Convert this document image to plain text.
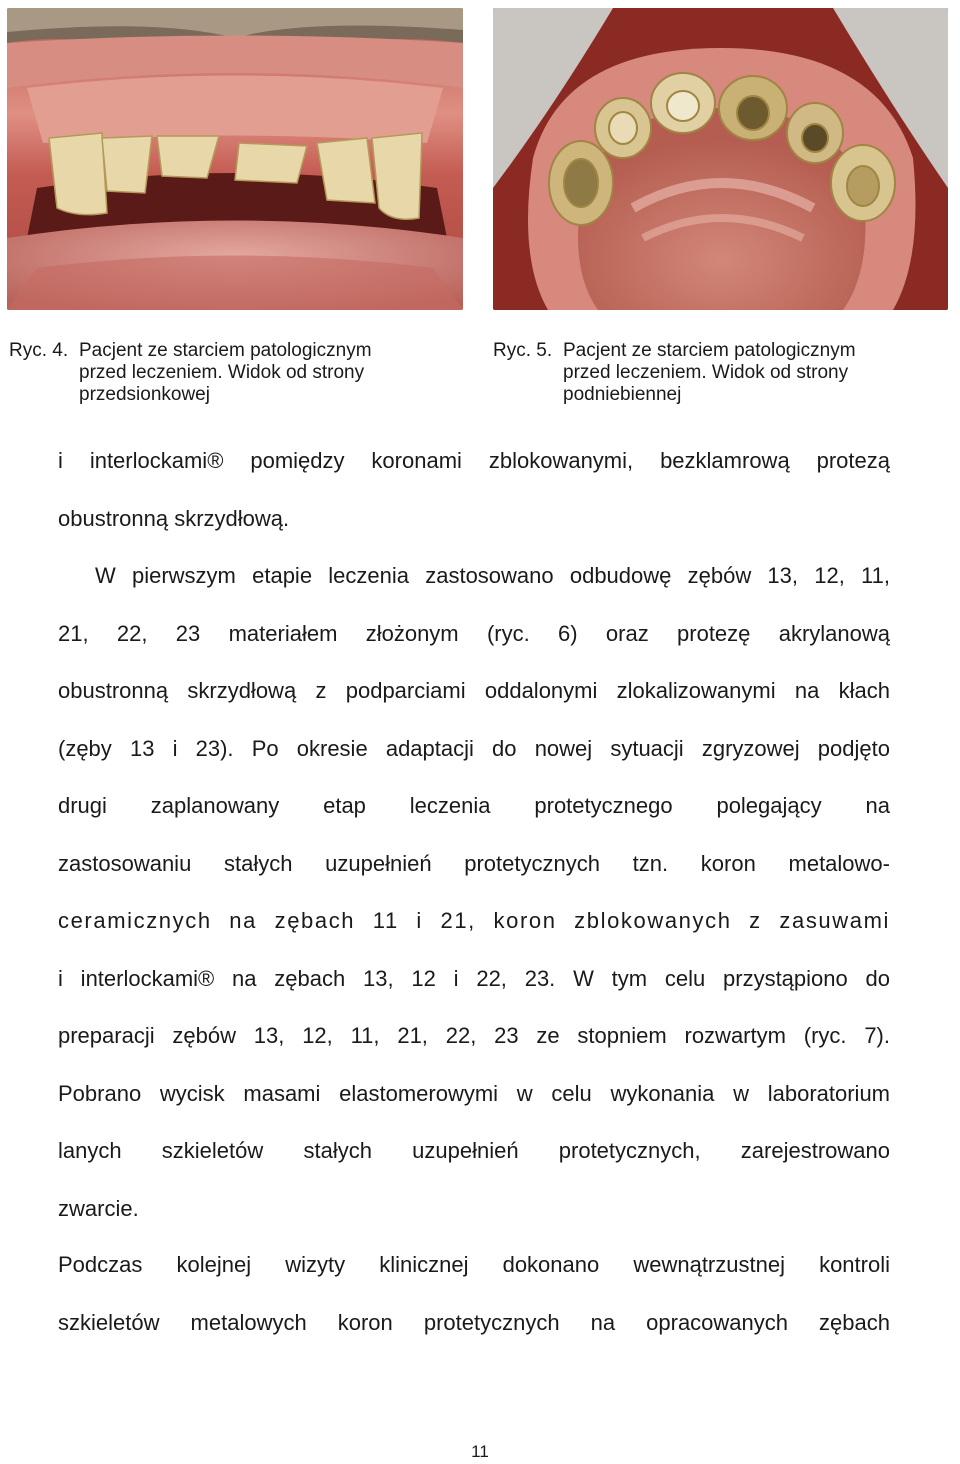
Ryc. 4. Pacjent ze starciem patologicznym
przed leczeniem. Widok od strony
przedsionkowej
Ryc. 5. Pacjent ze starciem patologicznym
przed leczeniem. Widok od strony
podniebiennej

i interlockami® pomiędzy koronami zblokowanymi, bezklamrową protezą

obustronną skrzydłową.

W pierwszym etapie leczenia zastosowano odbudowę zębów 13, 12, 11,

21, 22, 23 materiałem złożonym (ryc. 6) oraz protezę akrylanową

obustronną skrzydłową z podparciami oddalonymi zlokalizowanymi na kłach

(zęby 13 i 23). Po okresie adaptacji do nowej sytuacji zgryzowej podjęto

drugi zaplanowany etap leczenia protetycznego polegający na

zastosowaniu stałych uzupełnień protetycznych tzn. koron metalowo-

ceramicznych na zębach 11 i 21, koron zblokowanych z zasuwami

i interlockami® na zębach 13, 12 i 22, 23. W tym celu przystąpiono do

preparacji zębów 13, 12, 11, 21, 22, 23 ze stopniem rozwartym (ryc. 7).

Pobrano wycisk masami elastomerowymi w celu wykonania w laboratorium

lanych szkieletów stałych uzupełnień protetycznych, zarejestrowano

zwarcie.

Podczas kolejnej wizyty klinicznej dokonano wewnątrzustnej kontroli

szkieletów metalowych koron protetycznych na opracowanych zębach

11
